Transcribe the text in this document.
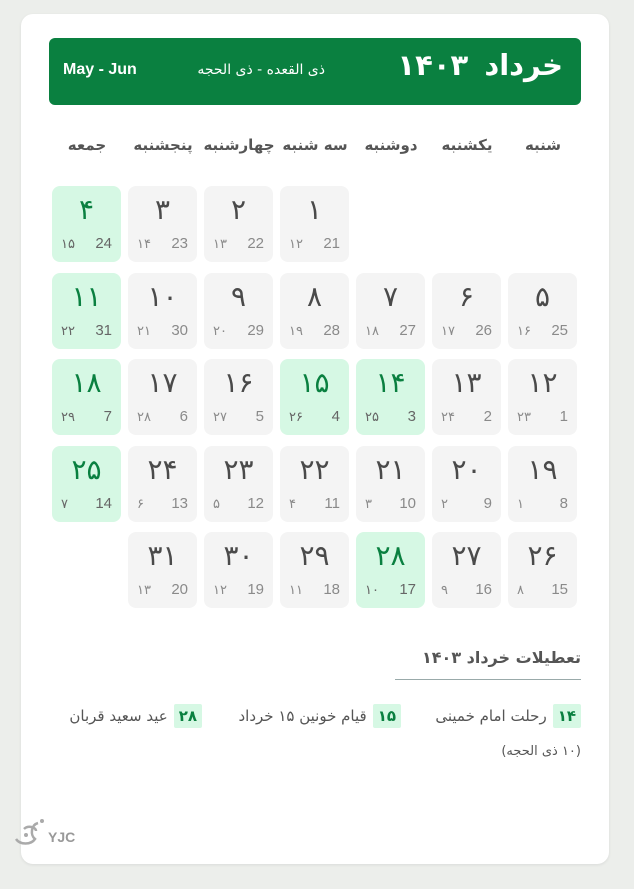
خرداد ۱۴۰۳
ذی القعده - ذی الحجه
May - Jun
شنبه
یکشنبه
دوشنبه
سه شنبه
چهارشنبه
پنجشنبه
جمعه
۱
21
۱۲
۲
22
۱۳
۳
23
۱۴
۴
24
۱۵
۵
25
۱۶
۶
26
۱۷
۷
27
۱۸
۸
28
۱۹
۹
29
۲۰
۱۰
30
۲۱
۱۱
31
۲۲
۱۲
1
۲۳
۱۳
2
۲۴
۱۴
3
۲۵
۱۵
4
۲۶
۱۶
5
۲۷
۱۷
6
۲۸
۱۸
7
۲۹
۱۹
8
۱
۲۰
9
۲
۲۱
10
۳
۲۲
11
۴
۲۳
12
۵
۲۴
13
۶
۲۵
14
۷
۲۶
15
۸
۲۷
16
۹
۲۸
17
۱۰
۲۹
18
۱۱
۳۰
19
۱۲
۳۱
20
۱۳
تعطیلات خرداد ۱۴۰۳
۱۴رحلت امام خمینی
۱۵قیام خونین ۱۵ خرداد
۲۸عید سعید قربان
(۱۰ ذی الحجه)
YJC
